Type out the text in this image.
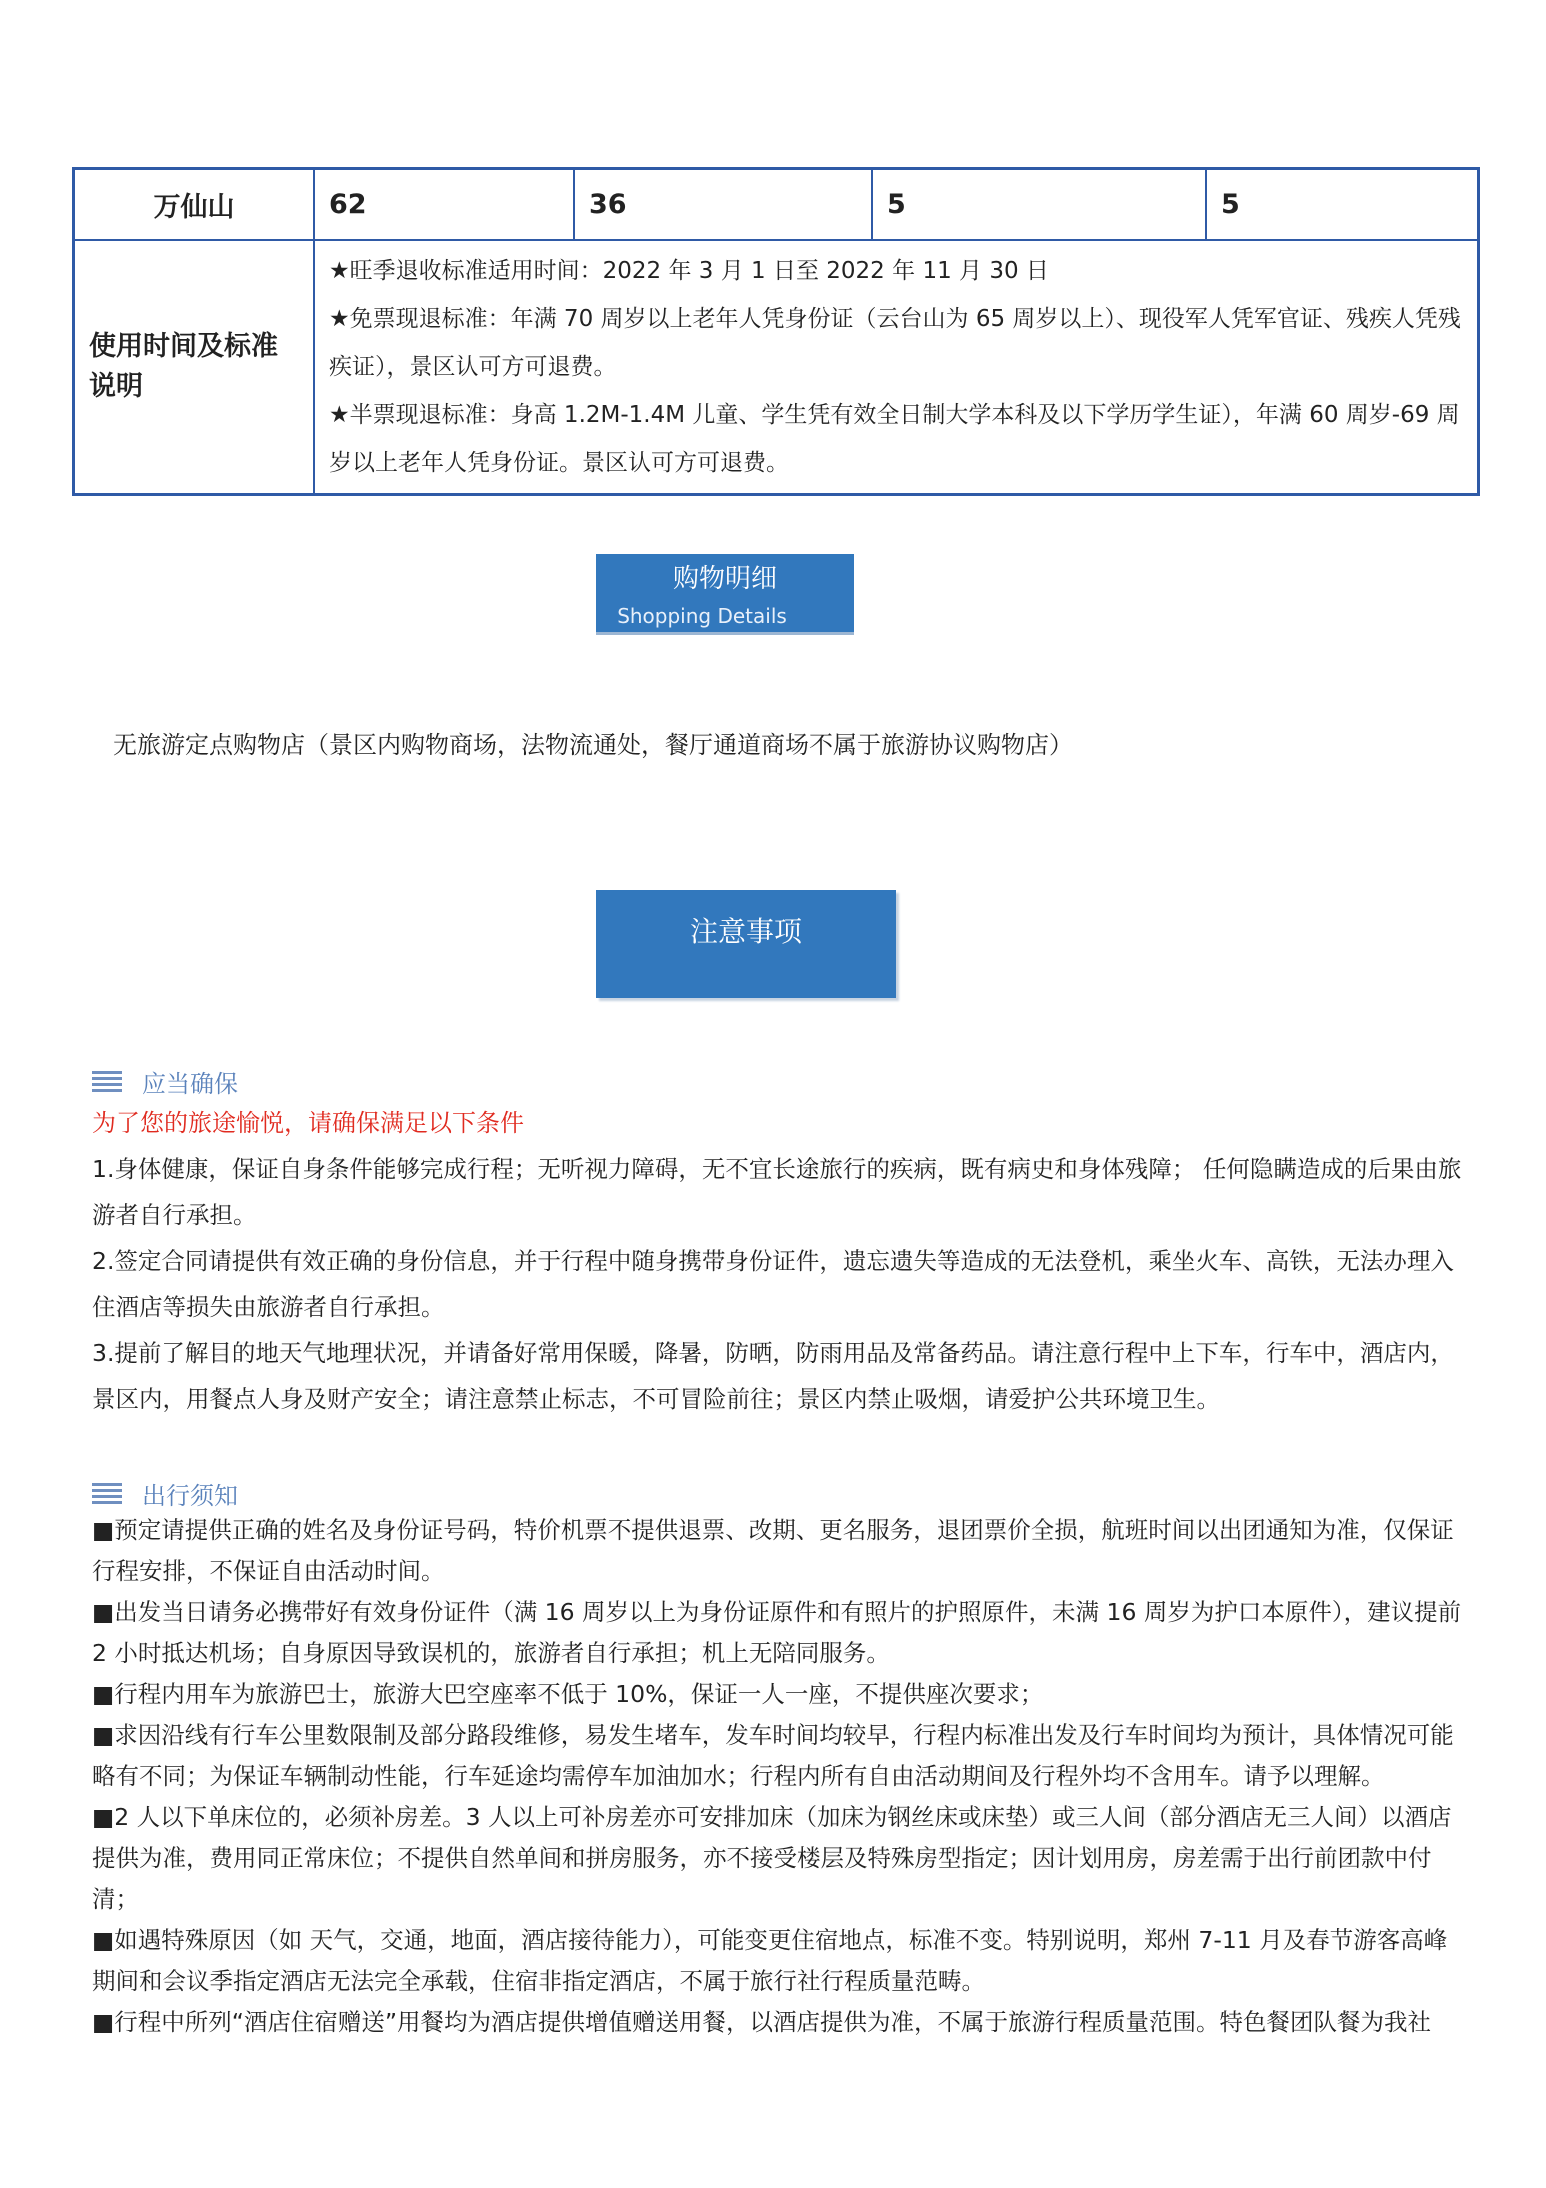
万仙山	62	36	5	5
使用时间及标准说明	★旺季退收标准适用时间：2022 年 3 月 1 日至 2022 年 11 月 30 日

★免票现退标准：年满 70 周岁以上老年人凭身份证（云台山为 65 周岁以上）、现役军人凭军官证、残疾人凭残疾证），景区认可方可退费。

★半票现退标准：身高 1.2M-1.4M 儿童、学生凭有效全日制大学本科及以下学历学生证），年满 60 周岁-69 周岁以上老年人凭身份证。景区认可方可退费。			

购物明细
Shopping Details
无旅游定点购物店（景区内购物商场，法物流通处，餐厅通道商场不属于旅游协议购物店）
注意事项
应当确保
为了您的旅途愉悦，请确保满足以下条件

1.身体健康，保证自身条件能够完成行程；无听视力障碍，无不宜长途旅行的疾病，既有病史和身体残障； 任何隐瞒造成的后果由旅游者自行承担。

2.签定合同请提供有效正确的身份信息，并于行程中随身携带身份证件，遗忘遗失等造成的无法登机，乘坐火车、高铁，无法办理入住酒店等损失由旅游者自行承担。

3.提前了解目的地天气地理状况，并请备好常用保暖，降暑，防晒，防雨用品及常备药品。请注意行程中上下车，行车中，酒店内，景区内，用餐点人身及财产安全；请注意禁止标志，不可冒险前往；景区内禁止吸烟，请爱护公共环境卫生。

出行须知

■预定请提供正确的姓名及身份证号码，特价机票不提供退票、改期、更名服务，退团票价全损，航班时间以出团通知为准，仅保证行程安排，不保证自由活动时间。

■出发当日请务必携带好有效身份证件（满 16 周岁以上为身份证原件和有照片的护照原件，未满 16 周岁为护口本原件），建议提前 2 小时抵达机场；自身原因导致误机的，旅游者自行承担；机上无陪同服务。

■行程内用车为旅游巴士，旅游大巴空座率不低于 10%，保证一人一座，不提供座次要求；

■求因沿线有行车公里数限制及部分路段维修，易发生堵车，发车时间均较早，行程内标准出发及行车时间均为预计，具体情况可能略有不同；为保证车辆制动性能，行车延途均需停车加油加水；行程内所有自由活动期间及行程外均不含用车。请予以理解。

■2 人以下单床位的，必须补房差。3 人以上可补房差亦可安排加床（加床为钢丝床或床垫）或三人间（部分酒店无三人间）以酒店提供为准，费用同正常床位；不提供自然单间和拼房服务，亦不接受楼层及特殊房型指定；因计划用房，房差需于出行前团款中付清；

■如遇特殊原因（如 天气，交通，地面，酒店接待能力），可能变更住宿地点，标准不变。特别说明，郑州 7-11 月及春节游客高峰期间和会议季指定酒店无法完全承载，住宿非指定酒店，不属于旅行社行程质量范畴。

■行程中所列“酒店住宿赠送”用餐均为酒店提供增值赠送用餐，以酒店提供为准，不属于旅游行程质量范围。特色餐团队餐为我社
